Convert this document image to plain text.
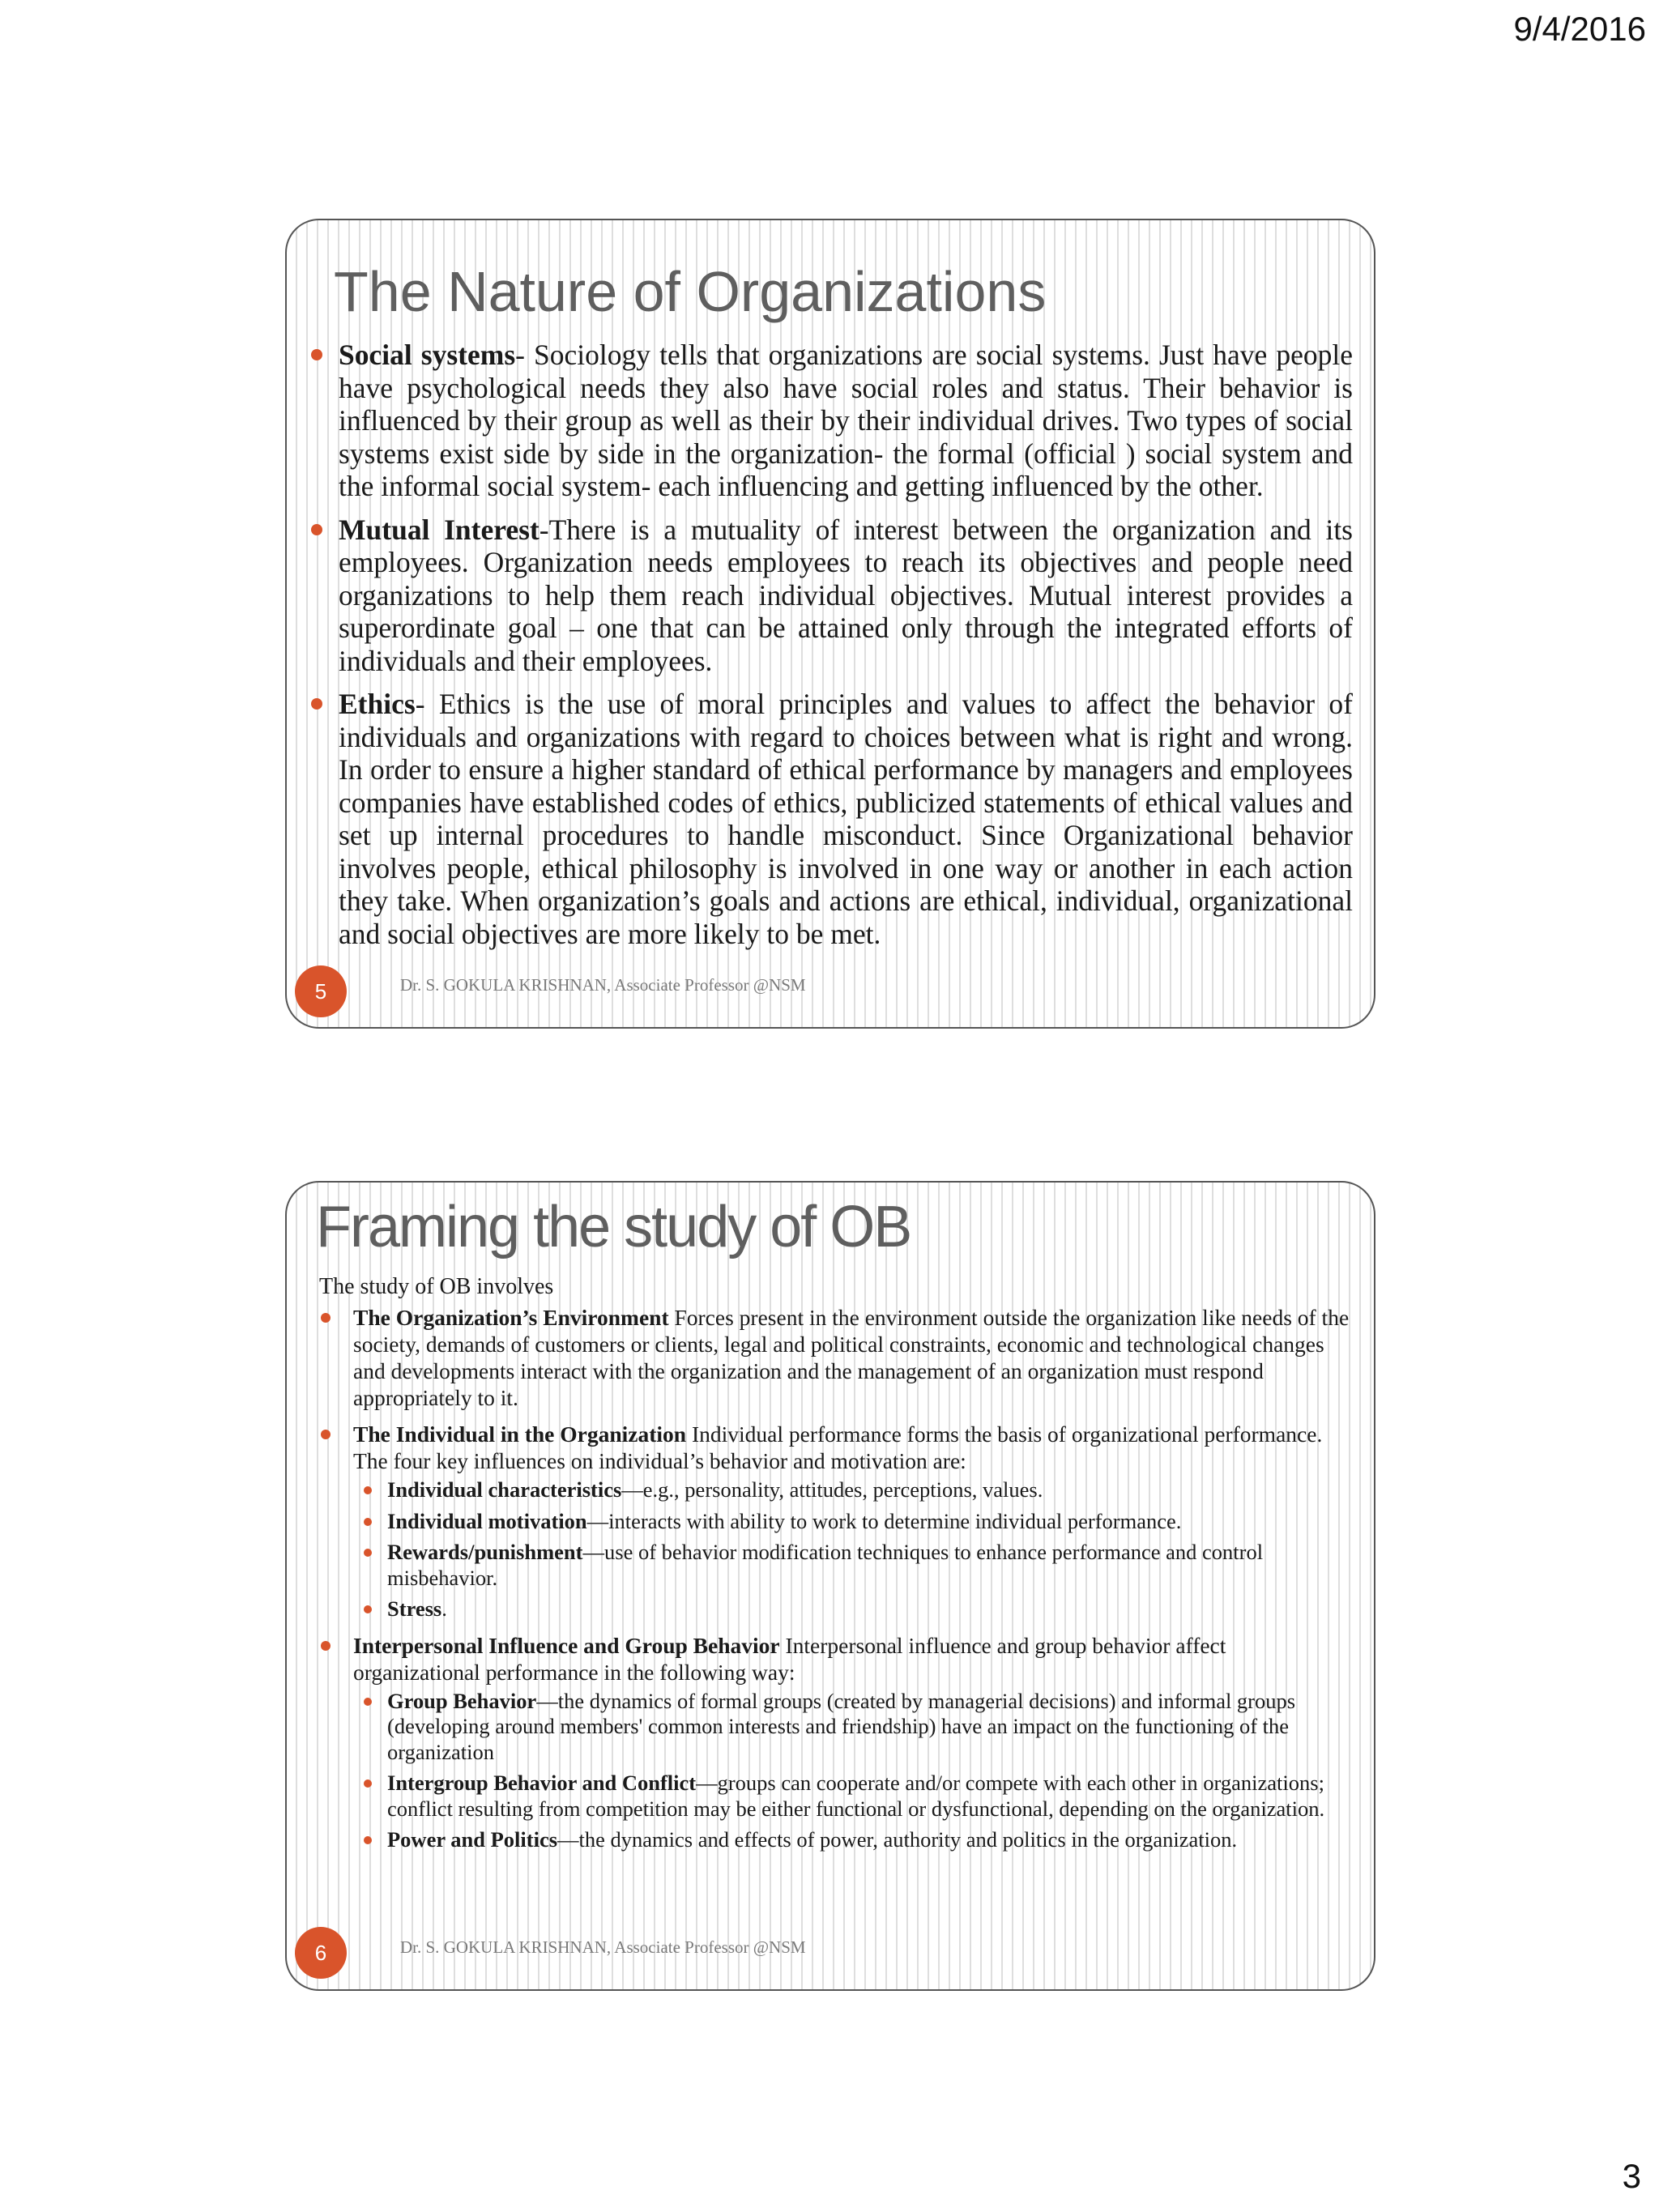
9/4/2016
The Nature of Organizations
Social systems- Sociology tells that organizations are social systems. Just have people have psychological needs they also have social roles and status. Their behavior is influenced by their group as well as their by their individual drives. Two types of social systems exist side by side in the organization- the formal (official ) social system and the informal social system- each influencing and getting influenced by the other.
Mutual Interest-There is a mutuality of interest between the organization and its employees. Organization needs employees to reach its objectives and people need organizations to help them reach individual objectives. Mutual interest provides a superordinate goal – one that can be attained only through the integrated efforts of individuals and their employees.
Ethics- Ethics is the use of moral principles and values to affect the behavior of individuals and organizations with regard to choices between what is right and wrong. In order to ensure a higher standard of ethical performance by managers and employees companies have established codes of ethics, publicized statements of ethical values and set up internal procedures to handle misconduct. Since Organizational behavior involves people, ethical philosophy is involved in one way or another in each action they take. When organization’s goals and actions are ethical, individual, organizational and social objectives are more likely to be met.
5	Dr. S. GOKULA KRISHNAN, Associate Professor @NSM
Framing the study of OB
The study of OB involves
The Organization’s Environment Forces present in the environment outside the organization like needs of the society, demands of customers or clients, legal and political constraints, economic and technological changes and developments interact with the organization and the management of an organization must respond appropriately to it.
The Individual in the Organization Individual performance forms the basis of organizational performance. The four key influences on individual’s behavior and motivation are:
Individual characteristics—e.g., personality, attitudes, perceptions, values.
Individual motivation—interacts with ability to work to determine individual performance.
Rewards/punishment—use of behavior modification techniques to enhance performance and control misbehavior.
Stress.
Interpersonal Influence and Group Behavior Interpersonal influence and group behavior affect organizational performance in the following way:
Group Behavior—the dynamics of formal groups (created by managerial decisions) and informal groups (developing around members' common interests and friendship) have an impact on the functioning of the organization
Intergroup Behavior and Conflict—groups can cooperate and/or compete with each other in organizations; conflict resulting from competition may be either functional or dysfunctional, depending on the organization.
Power and Politics—the dynamics and effects of power, authority and politics in the organization.
6	Dr. S. GOKULA KRISHNAN, Associate Professor @NSM
3
